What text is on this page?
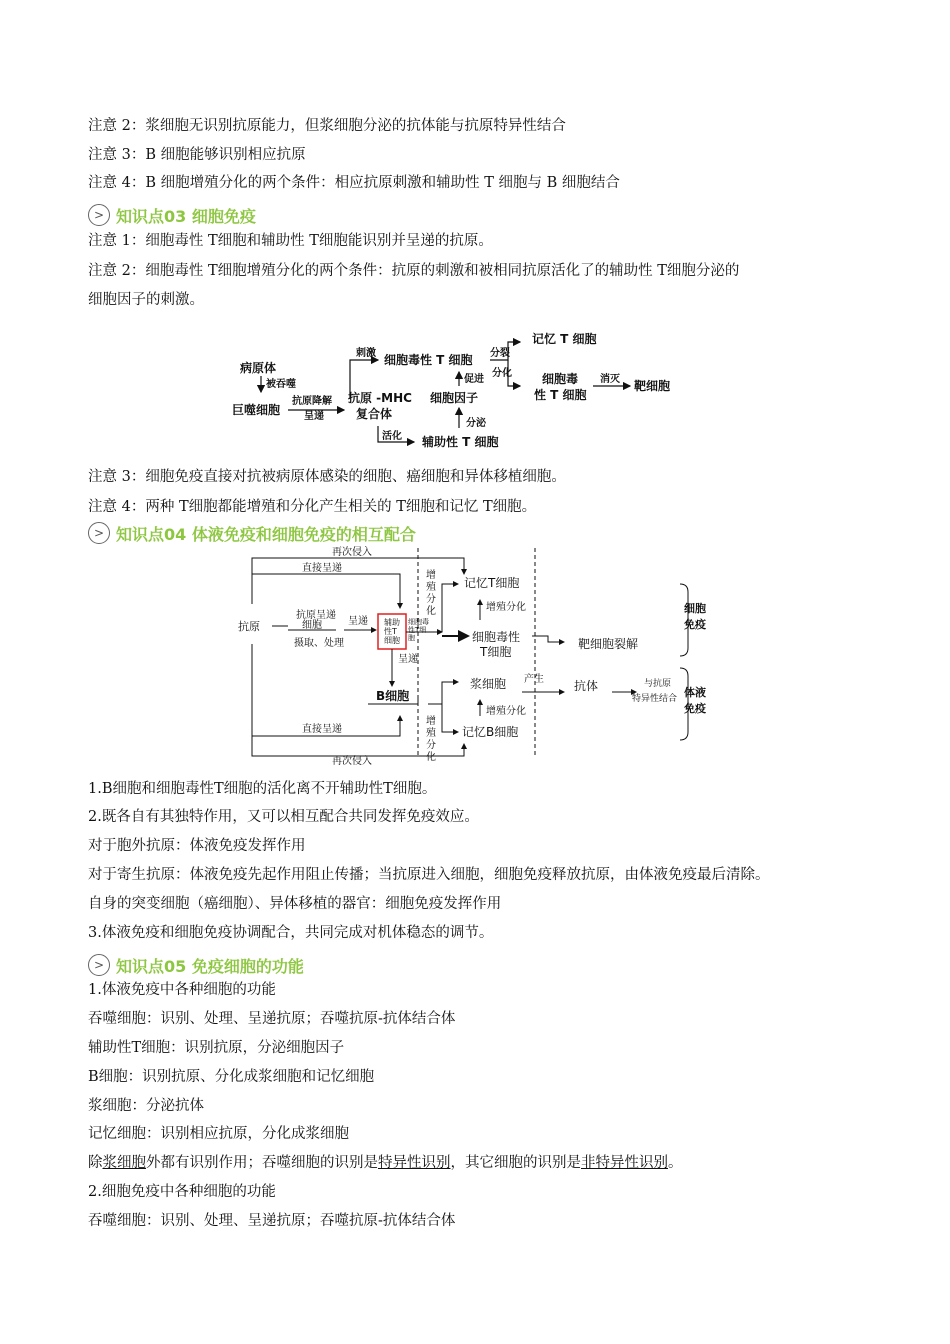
注意 2：浆细胞无识别抗原能力，但浆细胞分泌的抗体能与抗原特异性结合
注意 3：B 细胞能够识别相应抗原
注意 4：B 细胞增殖分化的两个条件：相应抗原刺激和辅助性 T 细胞与 B 细胞结合
> 知识点03 细胞免疫
注意 1：细胞毒性 T细胞和辅助性 T细胞能识别并呈递的抗原。
注意 2：细胞毒性 T细胞增殖分化的两个条件：抗原的刺激和被相同抗原活化了的辅助性 T细胞分泌的
细胞因子的刺激。
病原体
被吞噬
巨噬细胞
抗原降解
呈递
抗原 -MHC
复合体
刺激 细胞毒性 T 细胞 分裂
分化
记忆 T 细胞
促进
细胞因子
分泌
活化 辅助性 T 细胞
细胞毒
性 T 细胞
消灭 靶细胞
注意 3：细胞免疫直接对抗被病原体感染的细胞、癌细胞和异体移植细胞。
注意 4：两种 T细胞都能增殖和分化产生相关的 T细胞和记忆 T细胞。
> 知识点04 体液免疫和细胞免疫的相互配合
再次侵入
直接呈递
抗原
抗原呈递
细胞
摄取、处理
呈递 辅助
性T
细胞
细胞毒
性T细
胞
呈递
增
殖
分
化
记忆T细胞
增殖分化
细胞毒性
T细胞
靶细胞裂解
细胞
免疫
浆细胞 产生	抗体	与抗原
特异性结合 体液
免疫
B细胞
增
殖
分
化
增殖分化
记忆B细胞
直接呈递
再次侵入
1.B细胞和细胞毒性T细胞的活化离不开辅助性T细胞。
2.既各自有其独特作用，又可以相互配合共同发挥免疫效应。
对于胞外抗原：体液免疫发挥作用
对于寄生抗原：体液免疫先起作用阻止传播；当抗原进入细胞，细胞免疫释放抗原，由体液免疫最后清除。
自身的突变细胞（癌细胞）、异体移植的器官：细胞免疫发挥作用
3.体液免疫和细胞免疫协调配合，共同完成对机体稳态的调节。
> 知识点05 免疫细胞的功能
1.体液免疫中各种细胞的功能
吞噬细胞：识别、处理、呈递抗原；吞噬抗原-抗体结合体
辅助性T细胞：识别抗原，分泌细胞因子
B细胞：识别抗原、分化成浆细胞和记忆细胞
浆细胞：分泌抗体
记忆细胞：识别相应抗原，分化成浆细胞
除浆细胞外都有识别作用；吞噬细胞的识别是特异性识别，其它细胞的识别是非特异性识别。
2.细胞免疫中各种细胞的功能
吞噬细胞：识别、处理、呈递抗原；吞噬抗原-抗体结合体
